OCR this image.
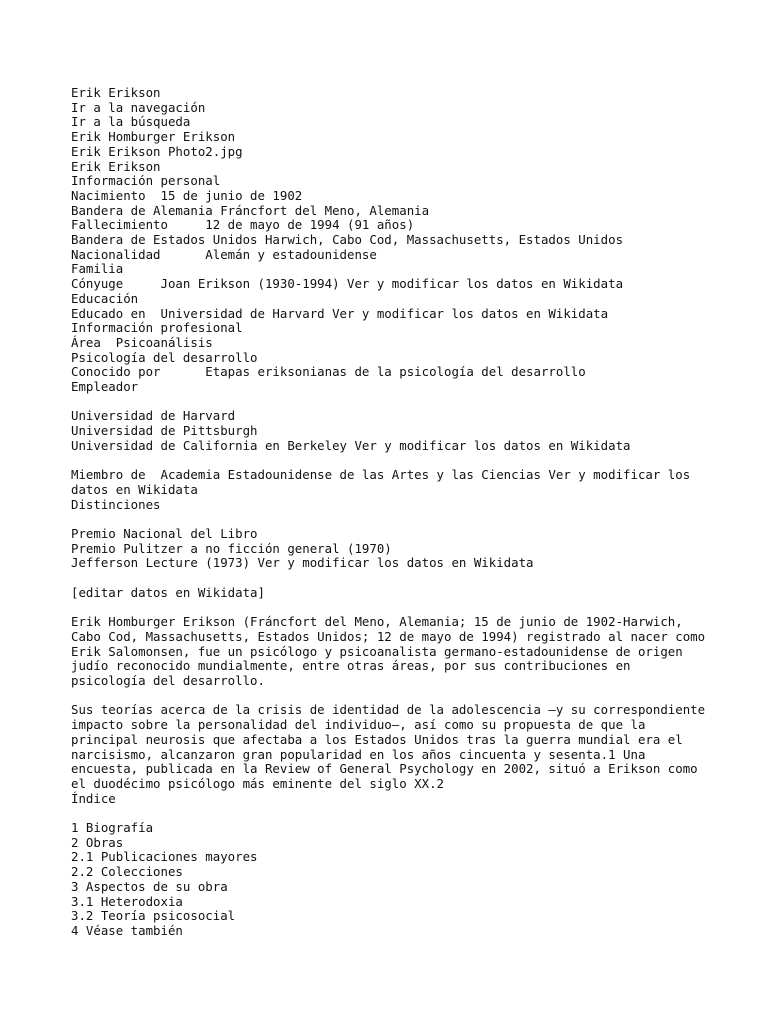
Erik Erikson
Ir a la navegación
Ir a la búsqueda
Erik Homburger Erikson
Erik Erikson Photo2.jpg
Erik Erikson
Información personal
Nacimiento  15 de junio de 1902
Bandera de Alemania Fráncfort del Meno, Alemania
Fallecimiento     12 de mayo de 1994 (91 años)
Bandera de Estados Unidos Harwich, Cabo Cod, Massachusetts, Estados Unidos
Nacionalidad      Alemán y estadounidense
Familia
Cónyuge     Joan Erikson (1930-1994) Ver y modificar los datos en Wikidata
Educación
Educado en  Universidad de Harvard Ver y modificar los datos en Wikidata
Información profesional
Área  Psicoanálisis
Psicología del desarrollo
Conocido por      Etapas eriksonianas de la psicología del desarrollo
Empleador
Universidad de Harvard
Universidad de Pittsburgh
Universidad de California en Berkeley Ver y modificar los datos en Wikidata
Miembro de  Academia Estadounidense de las Artes y las Ciencias Ver y modificar los datos en Wikidata
Distinciones
Premio Nacional del Libro
Premio Pulitzer a no ficción general (1970)
Jefferson Lecture (1973) Ver y modificar los datos en Wikidata
[editar datos en Wikidata]
Erik Homburger Erikson (Fráncfort del Meno, Alemania; 15 de junio de 1902-Harwich, Cabo Cod, Massachusetts, Estados Unidos; 12 de mayo de 1994) registrado al nacer como Erik Salomonsen, fue un psicólogo y psicoanalista germano-estadounidense de origen judío reconocido mundialmente, entre otras áreas, por sus contribuciones en psicología del desarrollo.
Sus teorías acerca de la crisis de identidad de la adolescencia —y su correspondiente impacto sobre la personalidad del individuo—, así como su propuesta de que la principal neurosis que afectaba a los Estados Unidos tras la guerra mundial era el narcisismo, alcanzaron gran popularidad en los años cincuenta y sesenta.1 Una encuesta, publicada en la Review of General Psychology en 2002, situó a Erikson como el duodécimo psicólogo más eminente del siglo XX.2
Índice
1 Biografía
2 Obras
2.1 Publicaciones mayores
2.2 Colecciones
3 Aspectos de su obra
3.1 Heterodoxia
3.2 Teoría psicosocial
4 Véase también
